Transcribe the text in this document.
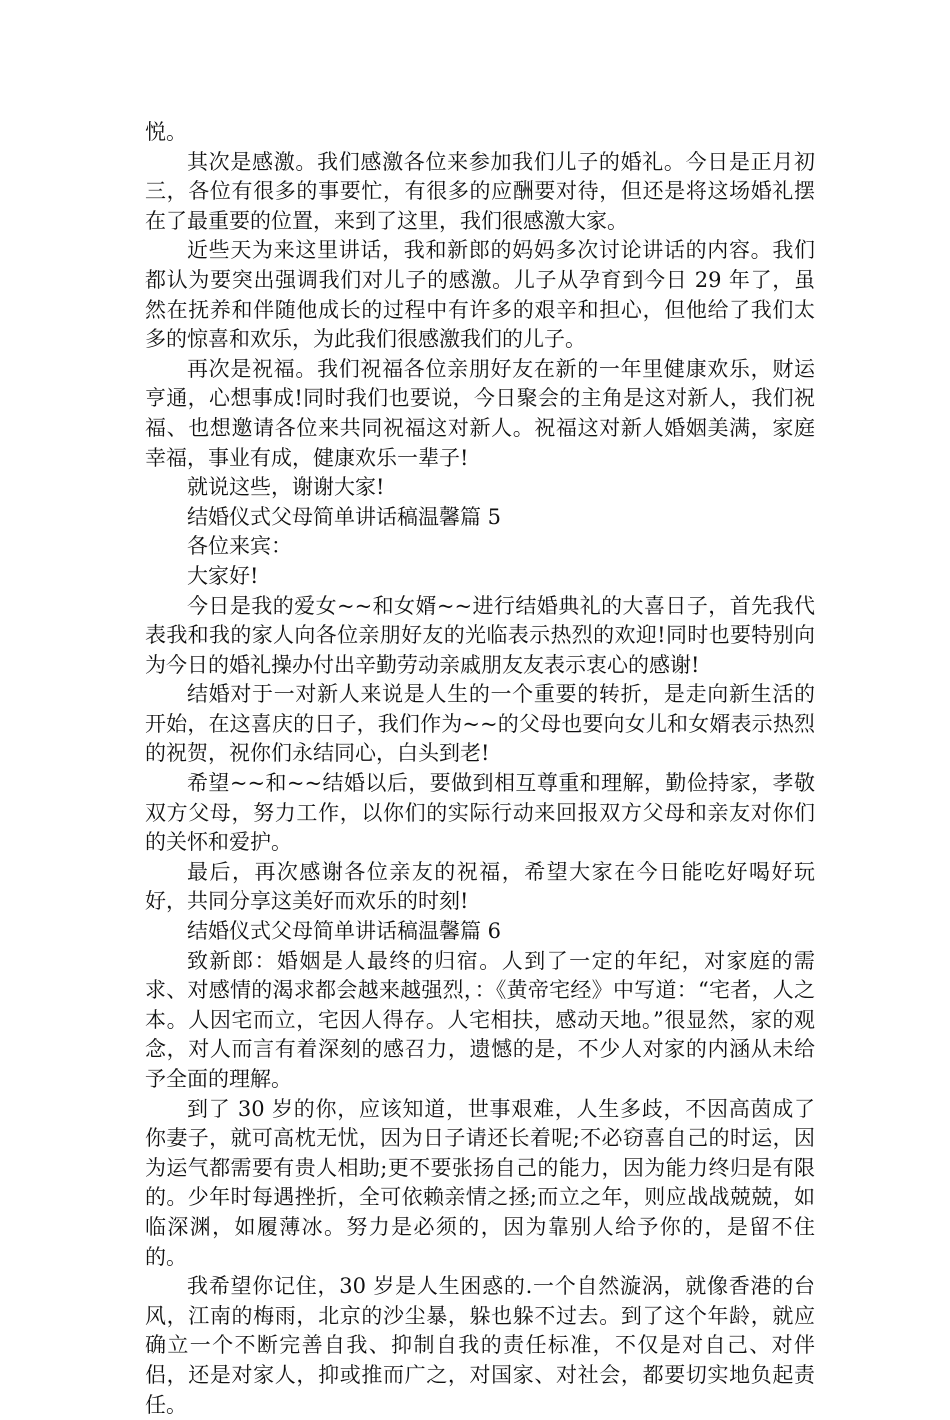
悦。

其次是感激。我们感激各位来参加我们儿子的婚礼。今日是正月初三，各位有很多的事要忙，有很多的应酬要对待，但还是将这场婚礼摆在了最重要的位置，来到了这里，我们很感激大家。

近些天为来这里讲话，我和新郎的妈妈多次讨论讲话的内容。我们都认为要突出强调我们对儿子的感激。儿子从孕育到今日 29 年了，虽然在抚养和伴随他成长的过程中有许多的艰辛和担心，但他给了我们太多的惊喜和欢乐，为此我们很感激我们的儿子。

再次是祝福。我们祝福各位亲朋好友在新的一年里健康欢乐，财运亨通，心想事成!同时我们也要说，今日聚会的主角是这对新人，我们祝福、也想邀请各位来共同祝福这对新人。祝福这对新人婚姻美满，家庭幸福，事业有成，健康欢乐一辈子!

就说这些，谢谢大家!

结婚仪式父母简单讲话稿温馨篇 5

各位来宾：

大家好!

今日是我的爱女~~和女婿~~进行结婚典礼的大喜日子，首先我代表我和我的家人向各位亲朋好友的光临表示热烈的欢迎!同时也要特别向为今日的婚礼操办付出辛勤劳动亲戚朋友友表示衷心的感谢!

结婚对于一对新人来说是人生的一个重要的转折，是走向新生活的开始，在这喜庆的日子，我们作为~~的父母也要向女儿和女婿表示热烈的祝贺，祝你们永结同心，白头到老!

希望~~和~~结婚以后，要做到相互尊重和理解，勤俭持家，孝敬双方父母，努力工作，以你们的实际行动来回报双方父母和亲友对你们的关怀和爱护。

最后，再次感谢各位亲友的祝福，希望大家在今日能吃好喝好玩好，共同分享这美好而欢乐的时刻!

结婚仪式父母简单讲话稿温馨篇 6

致新郎：婚姻是人最终的归宿。人到了一定的年纪，对家庭的需求、对感情的渴求都会越来越强烈，：《黄帝宅经》中写道：“宅者，人之本。人因宅而立，宅因人得存。人宅相扶，感动天地。”很显然，家的观念，对人而言有着深刻的感召力，遗憾的是，不少人对家的内涵从未给予全面的理解。

到了 30 岁的你，应该知道，世事艰难，人生多歧，不因高茵成了你妻子，就可高枕无忧，因为日子请还长着呢;不必窃喜自己的时运，因为运气都需要有贵人相助;更不要张扬自己的能力，因为能力终归是有限的。少年时每遇挫折，全可依赖亲情之拯;而立之年，则应战战兢兢，如临深渊，如履薄冰。努力是必须的，因为靠别人给予你的，是留不住的。

我希望你记住，30 岁是人生困惑的.一个自然漩涡，就像香港的台风，江南的梅雨，北京的沙尘暴，躲也躲不过去。到了这个年龄，就应确立一个不断完善自我、抑制自我的责任标准，不仅是对自己、对伴侣，还是对家人，抑或推而广之，对国家、对社会，都要切实地负起责任。
